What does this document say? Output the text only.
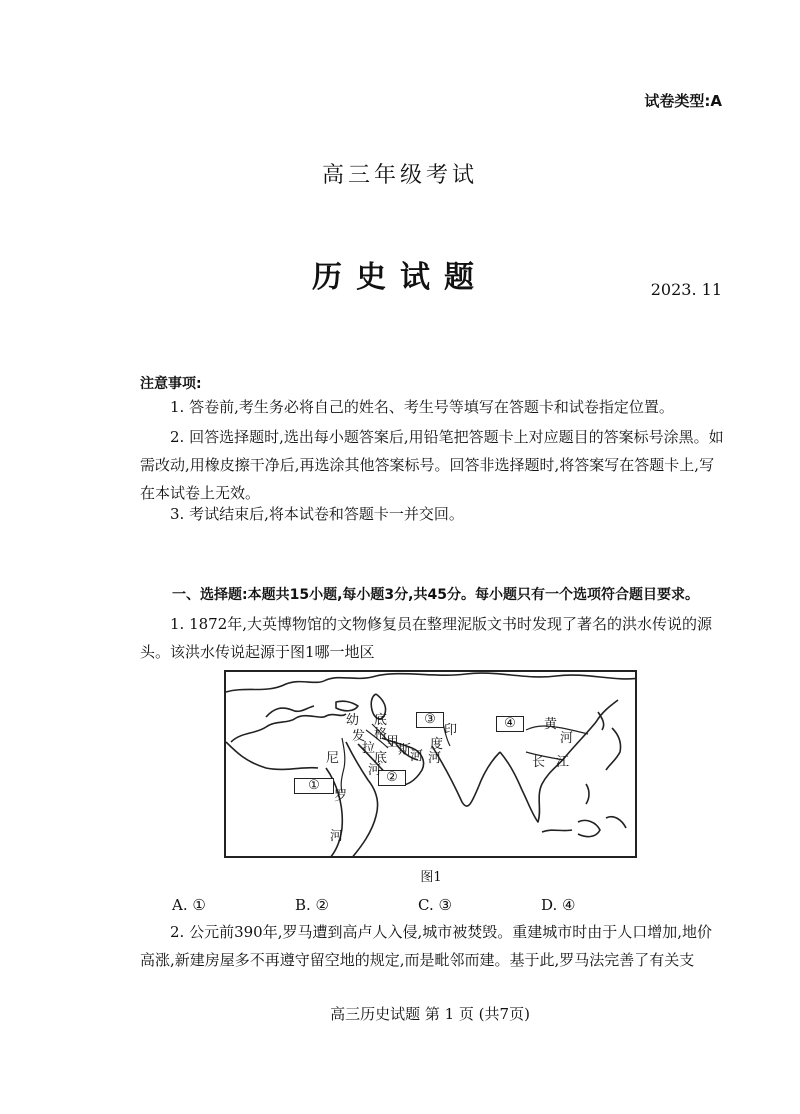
试卷类型:A
高三年级考试
历史试题	2023. 11
注意事项:
1. 答卷前,考生务必将自己的姓名、考生号等填写在答题卡和试卷指定位置。
2. 回答选择题时,选出每小题答案后,用铅笔把答题卡上对应题目的答案标号涂黑。如需改动,用橡皮擦干净后,再选涂其他答案标号。回答非选择题时,将答案写在答题卡上,写在本试卷上无效。
3. 考试结束后,将本试卷和答题卡一并交回。
一、选择题:本题共15小题,每小题3分,共45分。每小题只有一个选项符合题目要求。
1. 1872年,大英博物馆的文物修复员在整理泥版文书时发现了著名的洪水传说的源头。该洪水传说起源于图1哪一地区
①
②
③	④
幼
发
拉
底
底
格
里
斯
河
河
印
度
河
黄
河
长 江
尼
罗
河
图1
A. ①	B. ②	C. ③	D. ④
2. 公元前390年,罗马遭到高卢人入侵,城市被焚毁。重建城市时由于人口增加,地价高涨,新建房屋多不再遵守留空地的规定,而是毗邻而建。基于此,罗马法完善了有关支
高三历史试题 第 1 页 (共7页)
